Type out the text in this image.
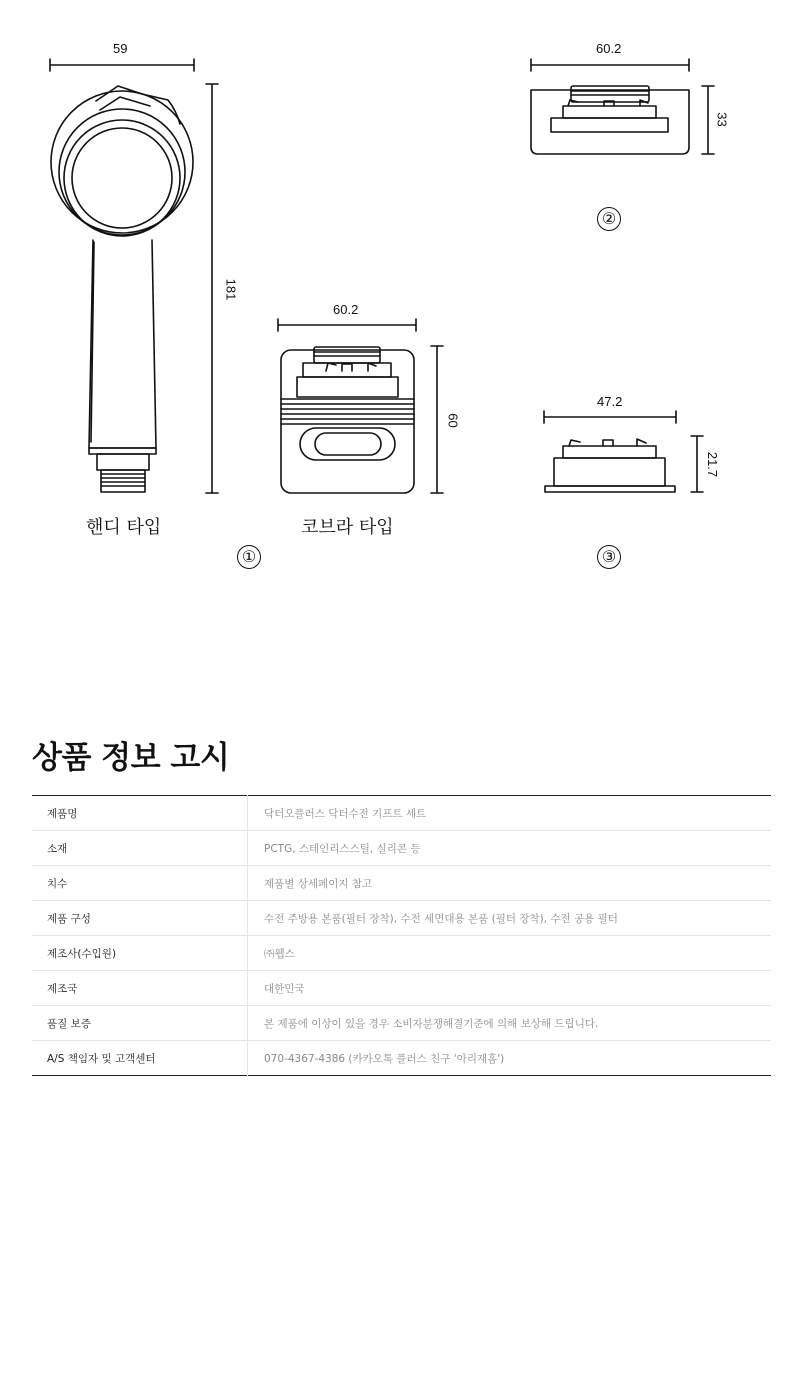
59
181
60.2
60
60.2
33
47.2
21.7
핸디 타입	코브라 타입
①
②
③
상품 정보 고시
제품명	닥터오플러스 닥터수전 기프트 세트
소재	PCTG, 스테인리스스틸, 실리콘 등
치수	제품별 상세페이지 참고
제품 구성	수전 주방용 본품(필터 장착), 수전 세면대용 본품 (필터 장착), 수전 공용 필터
제조사(수입원)	㈜웹스
제조국	대한민국
품질 보증	본 제품에 이상이 있을 경우 소비자분쟁해결기준에 의해 보상해 드립니다.
A/S 책임자 및 고객센터	070-4367-4386 (카카오톡 플러스 친구 '아리재홈')
